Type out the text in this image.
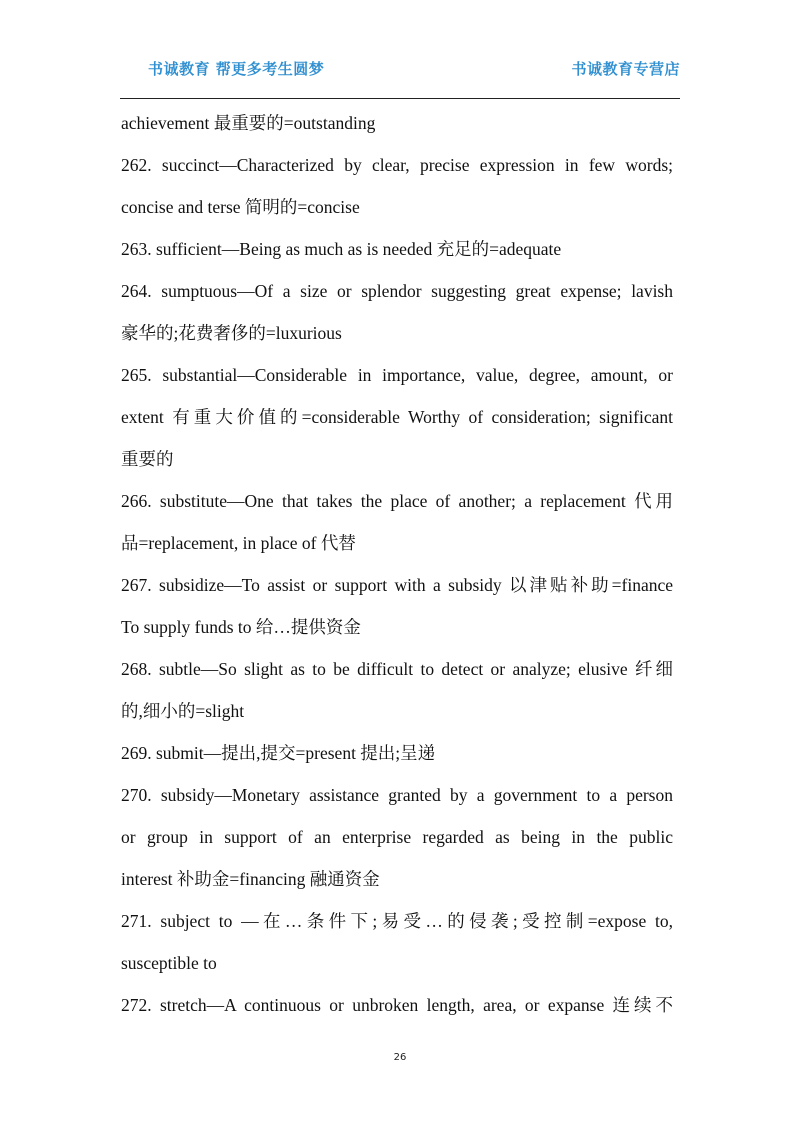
书诚教育 帮更多考生圆梦	书诚教育专营店
achievement 最重要的=outstanding
262. succinct—Characterized by clear, precise expression in few words;
concise and terse 简明的=concise
263. sufficient—Being as much as is needed 充足的=adequate
264. sumptuous—Of a size or splendor suggesting great expense; lavish
豪华的;花费奢侈的=luxurious
265. substantial—Considerable in importance, value, degree, amount, or
extent 有重大价值的=considerable Worthy of consideration; significant
重要的
266. substitute—One that takes the place of another; a replacement 代用
品=replacement, in place of 代替
267. subsidize—To assist or support with a subsidy 以津贴补助=finance
To supply funds to 给…提供资金
268. subtle—So slight as to be difficult to detect or analyze; elusive 纤细
的,细小的=slight
269. submit—提出,提交=present 提出;呈递
270. subsidy—Monetary assistance granted by a government to a person
or group in support of an enterprise regarded as being in the public
interest 补助金=financing 融通资金
271. subject to —在…条件下;易受…的侵袭;受控制=expose to,
susceptible to
272. stretch—A continuous or unbroken length, area, or expanse 连续不
26
